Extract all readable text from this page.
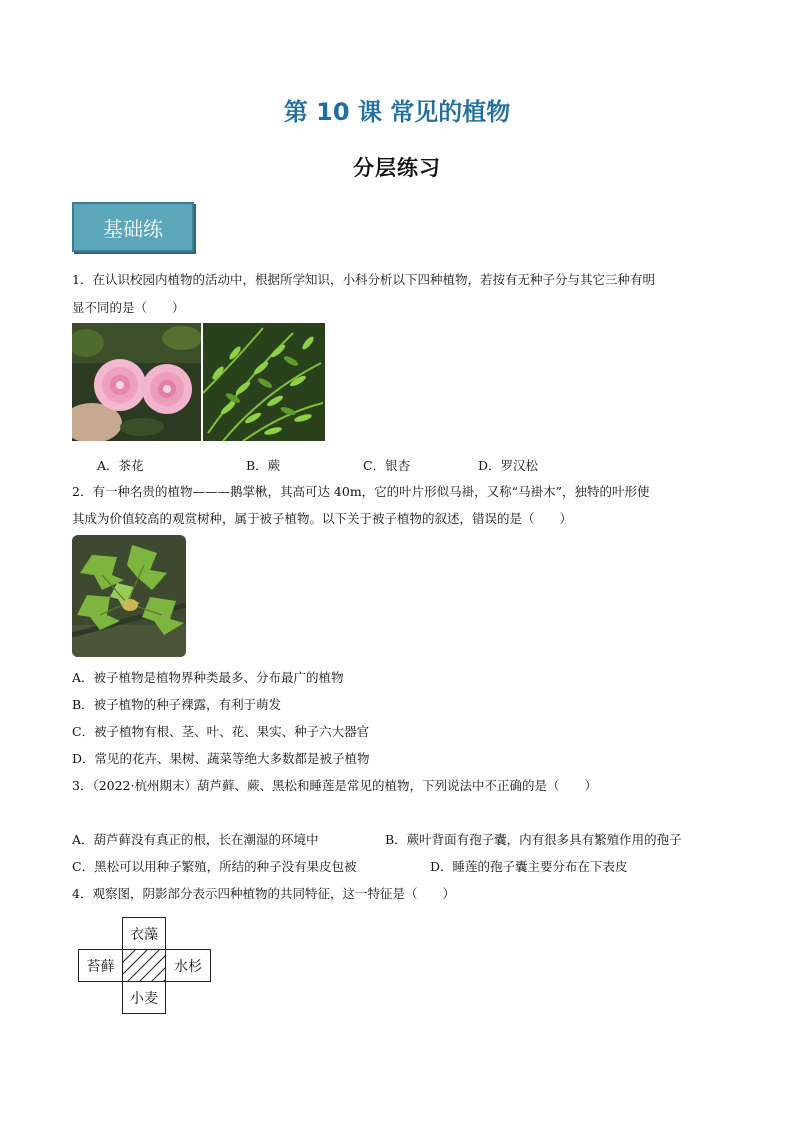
第 10 课 常见的植物
分层练习
基础练
1．在认识校园内植物的活动中，根据所学知识，小科分析以下四种植物，若按有无种子分与其它三种有明
显不同的是（　　）
A．茶花	B．蕨	C．银杏	D．罗汉松
2．有一种名贵的植物———鹅掌楸，其高可达 40m，它的叶片形似马褂，又称“马褂木”，独特的叶形使
其成为价值较高的观赏树种，属于被子植物。以下关于被子植物的叙述，错误的是（　　）
A．被子植物是植物界种类最多、分布最广的植物
B．被子植物的种子裸露，有利于萌发
C．被子植物有根、茎、叶、花、果实、种子六大器官
D．常见的花卉、果树、蔬菜等绝大多数都是被子植物
3．（2022·杭州期末）葫芦藓、蕨、黑松和睡莲是常见的植物，下列说法中不正确的是（　　）
A．葫芦藓没有真正的根，长在潮湿的环境中	B．蕨叶背面有孢子囊，内有很多具有繁殖作用的孢子
C．黑松可以用种子繁殖，所结的种子没有果皮包被	D．睡莲的孢子囊主要分布在下表皮
4．观察图，阴影部分表示四种植物的共同特征，这一特征是（　　）
衣藻
苔藓	水杉
小麦
